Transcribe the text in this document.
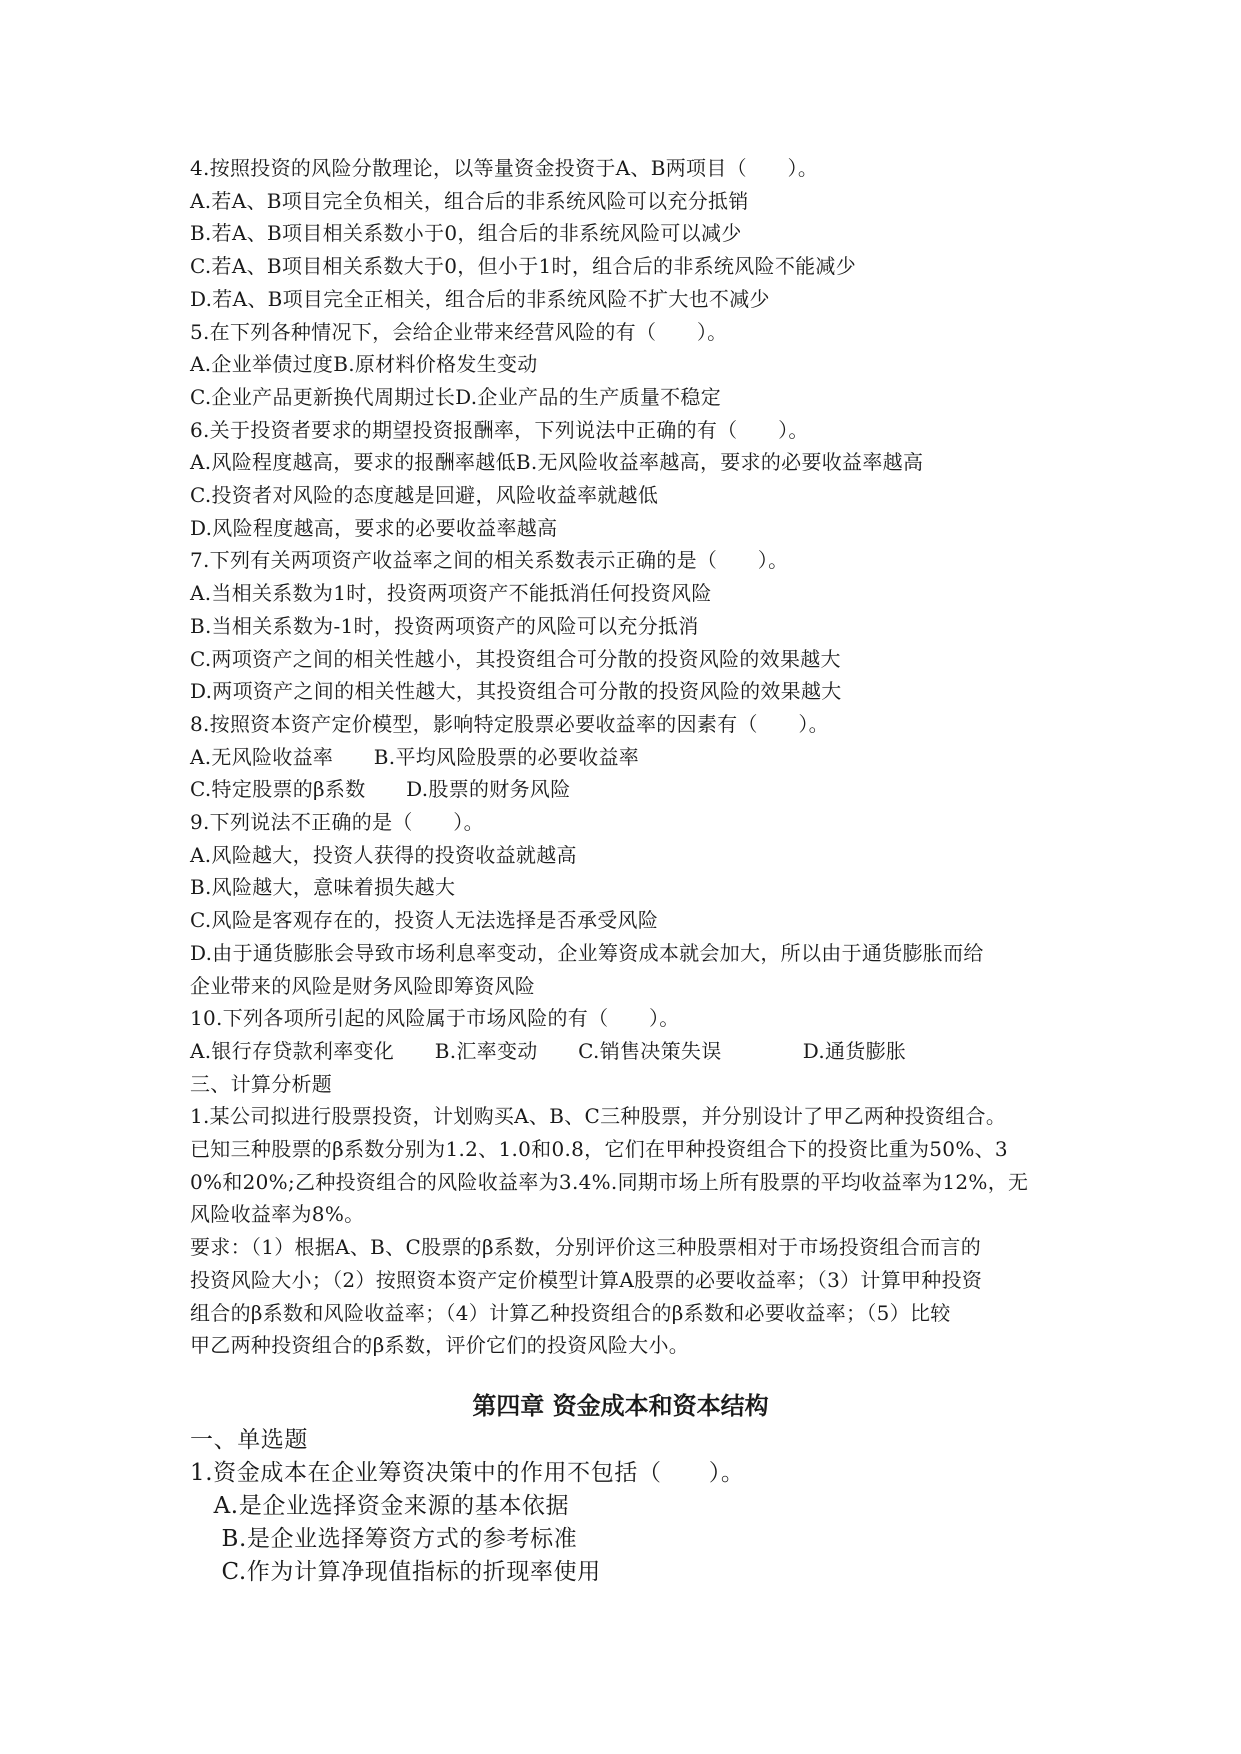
4.按照投资的风险分散理论，以等量资金投资于A、B两项目（　　）。
A.若A、B项目完全负相关，组合后的非系统风险可以充分抵销
B.若A、B项目相关系数小于0，组合后的非系统风险可以减少
C.若A、B项目相关系数大于0，但小于1时，组合后的非系统风险不能减少
D.若A、B项目完全正相关，组合后的非系统风险不扩大也不减少
5.在下列各种情况下，会给企业带来经营风险的有（　　）。
A.企业举债过度B.原材料价格发生变动
C.企业产品更新换代周期过长D.企业产品的生产质量不稳定
6.关于投资者要求的期望投资报酬率，下列说法中正确的有（　　）。
A.风险程度越高，要求的报酬率越低B.无风险收益率越高，要求的必要收益率越高
C.投资者对风险的态度越是回避，风险收益率就越低
D.风险程度越高，要求的必要收益率越高
7.下列有关两项资产收益率之间的相关系数表示正确的是（　　）。
A.当相关系数为1时，投资两项资产不能抵消任何投资风险
B.当相关系数为-1时，投资两项资产的风险可以充分抵消
C.两项资产之间的相关性越小，其投资组合可分散的投资风险的效果越大
D.两项资产之间的相关性越大，其投资组合可分散的投资风险的效果越大
8.按照资本资产定价模型，影响特定股票必要收益率的因素有（　　）。
A.无风险收益率　　B.平均风险股票的必要收益率
C.特定股票的β系数　　D.股票的财务风险
9.下列说法不正确的是（　　）。
A.风险越大，投资人获得的投资收益就越高
B.风险越大，意味着损失越大
C.风险是客观存在的，投资人无法选择是否承受风险
D.由于通货膨胀会导致市场利息率变动，企业筹资成本就会加大，所以由于通货膨胀而给
企业带来的风险是财务风险即筹资风险
10.下列各项所引起的风险属于市场风险的有（　　）。
A.银行存贷款利率变化　　B.汇率变动　　C.销售决策失误　　　　D.通货膨胀
三、计算分析题
1.某公司拟进行股票投资，计划购买A、B、C三种股票，并分别设计了甲乙两种投资组合。
已知三种股票的β系数分别为1.2、1.0和0.8，它们在甲种投资组合下的投资比重为50%、3
0%和20%;乙种投资组合的风险收益率为3.4%.同期市场上所有股票的平均收益率为12%，无
风险收益率为8%。
要求：（1）根据A、B、C股票的β系数，分别评价这三种股票相对于市场投资组合而言的
投资风险大小；（2）按照资本资产定价模型计算A股票的必要收益率；（3）计算甲种投资
组合的β系数和风险收益率；（4）计算乙种投资组合的β系数和必要收益率；（5）比较
甲乙两种投资组合的β系数，评价它们的投资风险大小。
第四章 资金成本和资本结构
一、单选题
1.资金成本在企业筹资决策中的作用不包括（　　）。
　A.是企业选择资金来源的基本依据
　 B.是企业选择筹资方式的参考标准
　 C.作为计算净现值指标的折现率使用
